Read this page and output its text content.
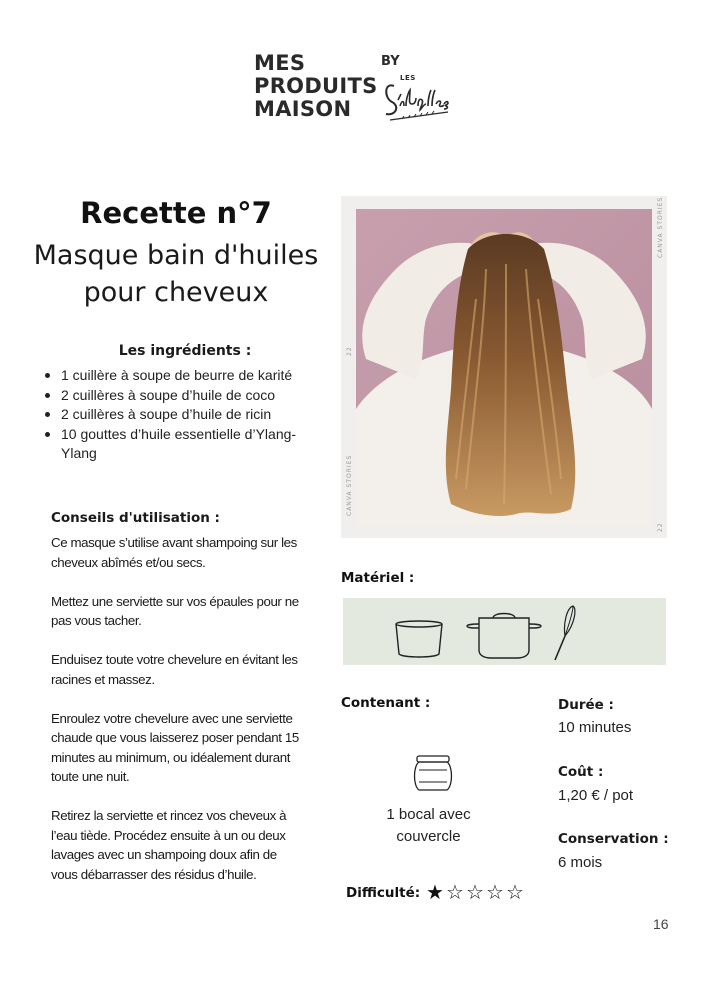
MES
PRODUITS
MAISON
BY
LES
Recette n°7
Masque bain d'huiles
pour cheveux
Les ingrédients :
1 cuillère à soupe de beurre de karité
2 cuillères à soupe d’huile de coco
2 cuillères à soupe d’huile de ricin
10 gouttes d’huile essentielle d’Ylang-Ylang
Conseils d'utilisation :

Ce masque s’utilise avant shampoing sur les cheveux abîmés et/ou secs.

Mettez une serviette sur vos épaules pour ne pas vous tacher.

Enduisez toute votre chevelure en évitant les racines et massez.

Enroulez votre chevelure avec une serviette chaude que vous laisserez poser pendant 15 minutes au minimum, ou idéalement durant toute une nuit.

Retirez la serviette et rincez vos cheveux à l’eau tiède. Procédez ensuite à un ou deux lavages avec un shampoing doux afin de vous débarrasser des résidus d’huile.

CANVA STORIES
22
CANVA STORIES
22
Matériel :
Contenant :
1 bocal avec
couvercle
Durée :
10 minutes
Coût :
1,20 € / pot
Conservation :
6 mois
Difficulté: ★ ☆ ☆ ☆ ☆
16
